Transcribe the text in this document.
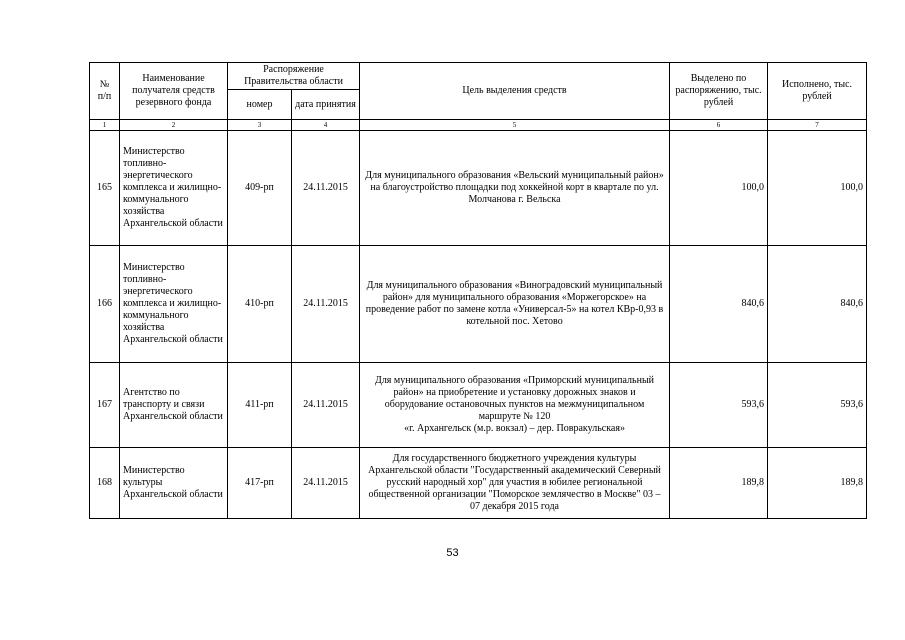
№
п/п	Наименование получателя средств резервного фонда	Распоряжение Правительства области		Цель выделения средств	Выделено по распоряжению, тыс. рублей	Исполнено, тыс. рублей
		номер	дата принятия			
1	2	3	4	5	6	7
165	Министерство топливно-энергетического комплекса и жилищно-коммунального хозяйства Архангельской области	409-рп	24.11.2015	Для муниципального образования «Вельский муниципальный район» на благоустройство площадки под хоккейной корт в квартале по ул. Молчанова г. Вельска	100,0	100,0
166	Министерство топливно-энергетического комплекса и жилищно-коммунального хозяйства Архангельской области	410-рп	24.11.2015	Для муниципального образования «Виноградовский муниципальный район» для муниципального образования «Моржегорское» на проведение работ по замене котла «Универсал-5» на котел КВр-0,93 в котельной пос. Хетово	840,6	840,6
167	Агентство по транспорту и связи Архангельской области	411-рп	24.11.2015	Для муниципального образования «Приморский муниципальный район» на приобретение и установку дорожных знаков и оборудование остановочных пунктов на межмуниципальном маршруте № 120
«г. Архангельск (м.р. вокзал) – дер. Повракульская»	593,6	593,6
168	Министерство культуры Архангельской области	417-рп	24.11.2015	Для государственного бюджетного учреждения культуры Архангельской области "Государственный академический Северный русский народный хор" для участия в юбилее региональной общественной организации "Поморское землячество в Москве" 03 – 07 декабря 2015 года	189,8	189,8
53
